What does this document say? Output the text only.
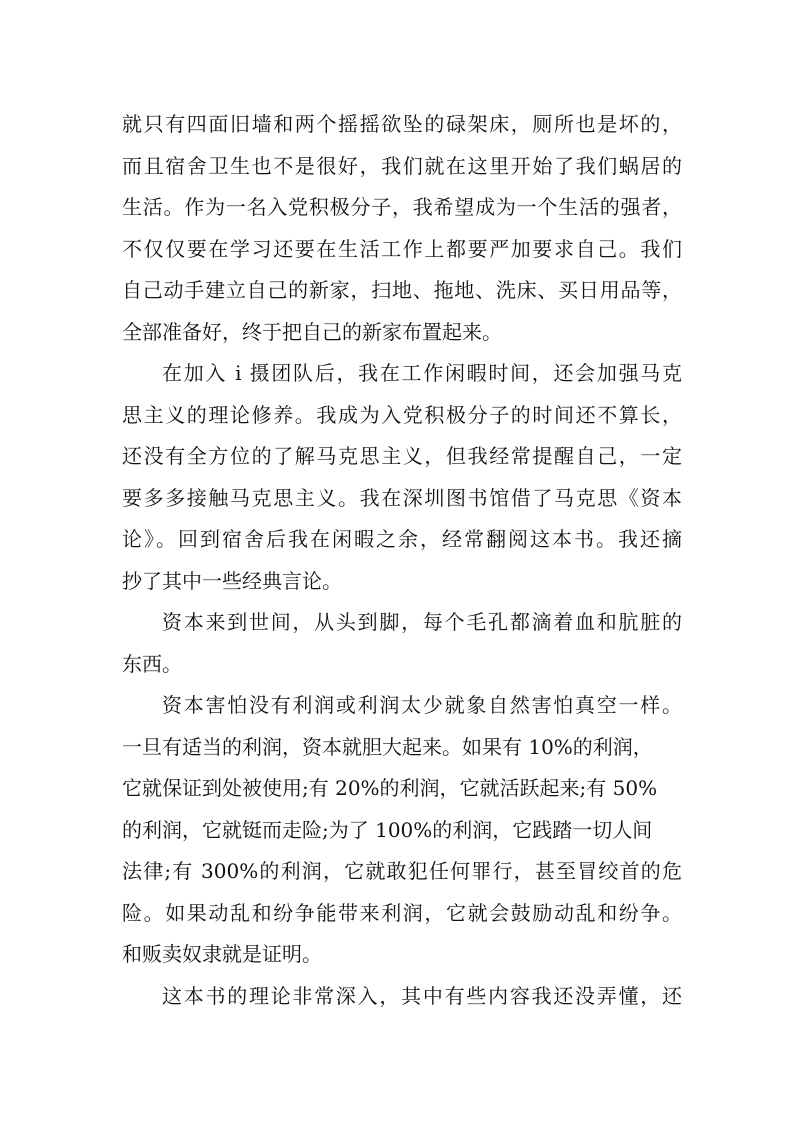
就只有四面旧墙和两个摇摇欲坠的碌架床，厕所也是坏的，
而且宿舍卫生也不是很好，我们就在这里开始了我们蜗居的
生活。作为一名入党积极分子，我希望成为一个生活的强者，
不仅仅要在学习还要在生活工作上都要严加要求自己。我们
自己动手建立自己的新家，扫地、拖地、洗床、买日用品等，
全部准备好，终于把自己的新家布置起来。
在加入 i 摄团队后，我在工作闲暇时间，还会加强马克
思主义的理论修养。我成为入党积极分子的时间还不算长，
还没有全方位的了解马克思主义，但我经常提醒自己，一定
要多多接触马克思主义。我在深圳图书馆借了马克思《资本
论》。回到宿舍后我在闲暇之余，经常翻阅这本书。我还摘
抄了其中一些经典言论。
资本来到世间，从头到脚，每个毛孔都滴着血和肮脏的
东西。
资本害怕没有利润或利润太少就象自然害怕真空一样。
一旦有适当的利润，资本就胆大起来。如果有 10%的利润，
它就保证到处被使用;有 20%的利润，它就活跃起来;有 50%
的利润，它就铤而走险;为了 100%的利润，它践踏一切人间
法律;有 300%的利润，它就敢犯任何罪行，甚至冒绞首的危
险。如果动乱和纷争能带来利润，它就会鼓励动乱和纷争。
和贩卖奴隶就是证明。
这本书的理论非常深入，其中有些内容我还没弄懂，还
